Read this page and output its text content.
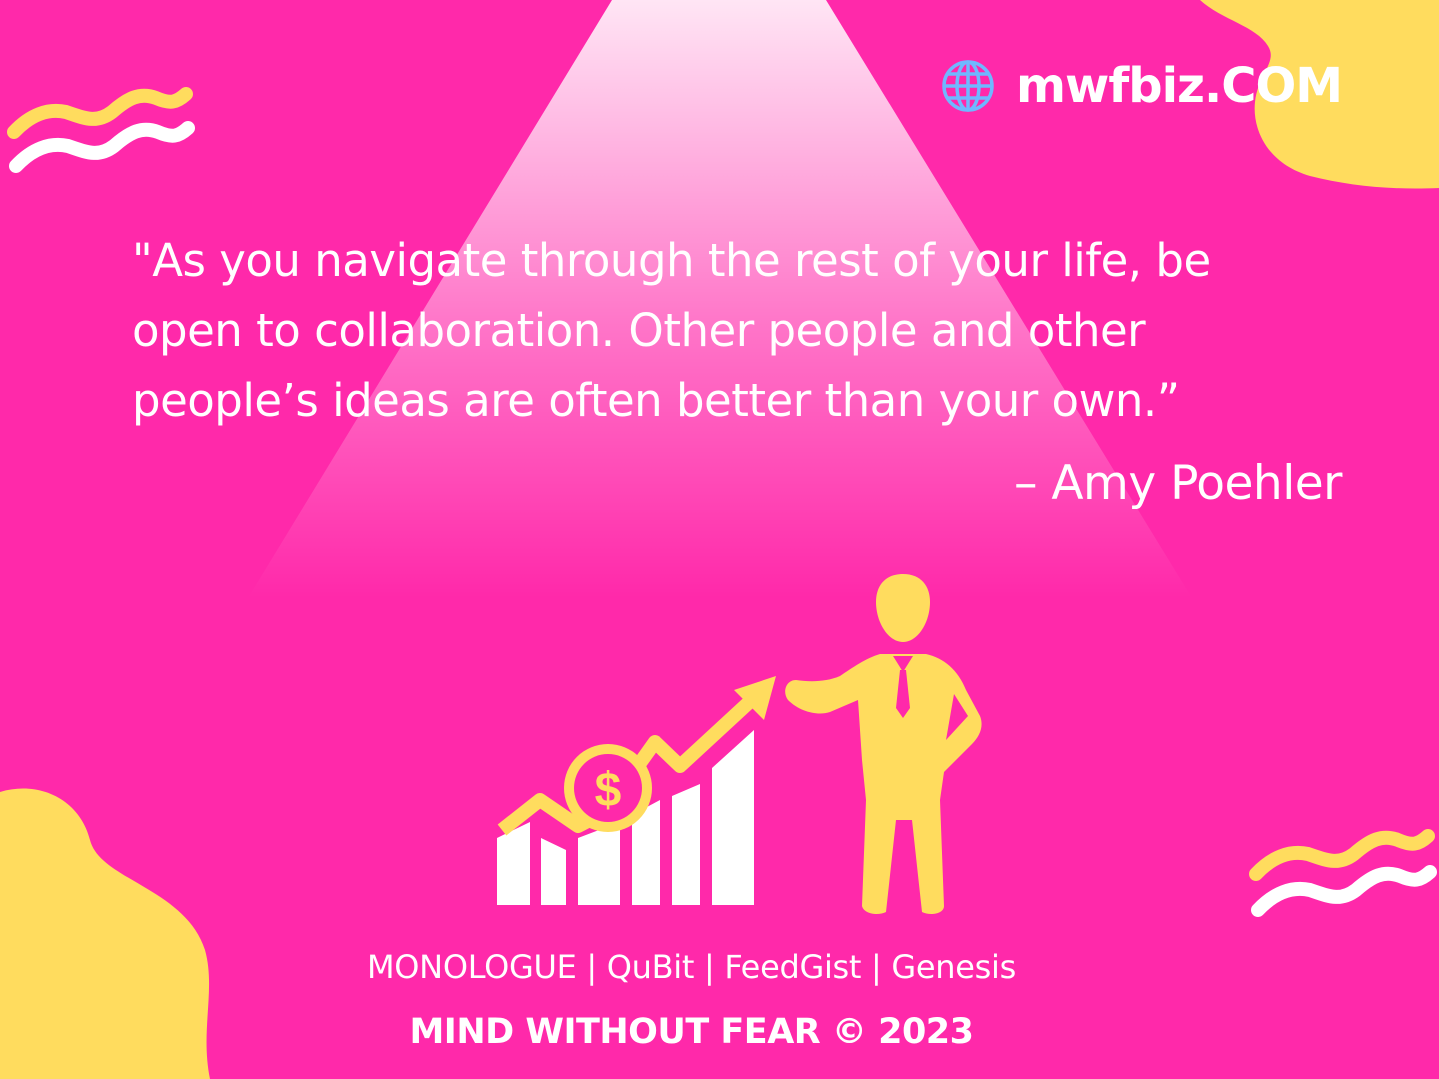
mwfbiz.COM
"As you navigate through the rest of your life, be
open to collaboration. Other people and other
people’s ideas are often better than your own.”
– Amy Poehler
$
MONOLOGUE | QuBit | FeedGist | Genesis
MIND WITHOUT FEAR © 2023
